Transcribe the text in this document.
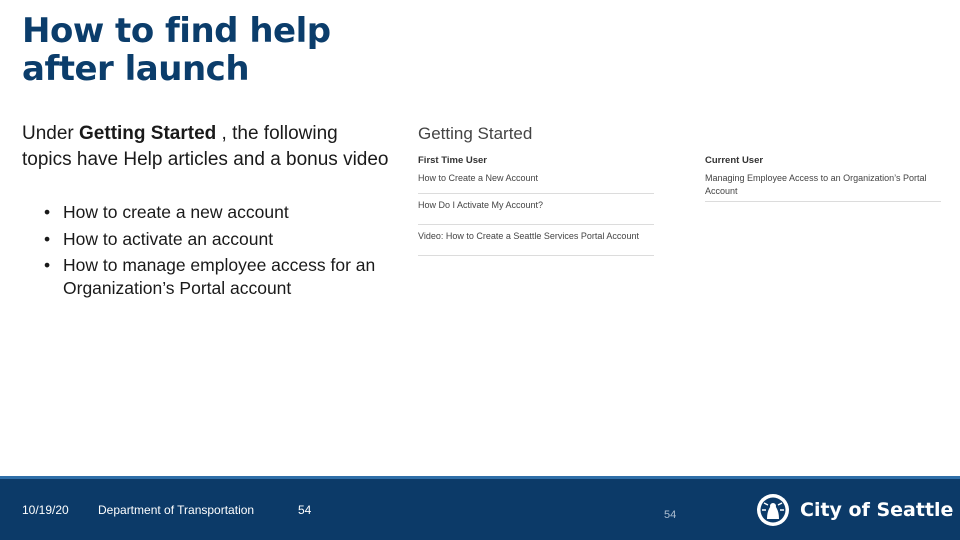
How to find help after launch
Under Getting Started , the following topics have Help articles and a bonus video
• How to create a new account
• How to activate an account
• How to manage employee access for an Organization’s Portal account
Getting Started
First Time User
How to Create a New Account
How Do I Activate My Account?
Video: How to Create a Seattle Services Portal Account
Current User
Managing Employee Access to an Organization’s Portal Account
10/19/20 Department of Transportation	54	54	City of Seattle
